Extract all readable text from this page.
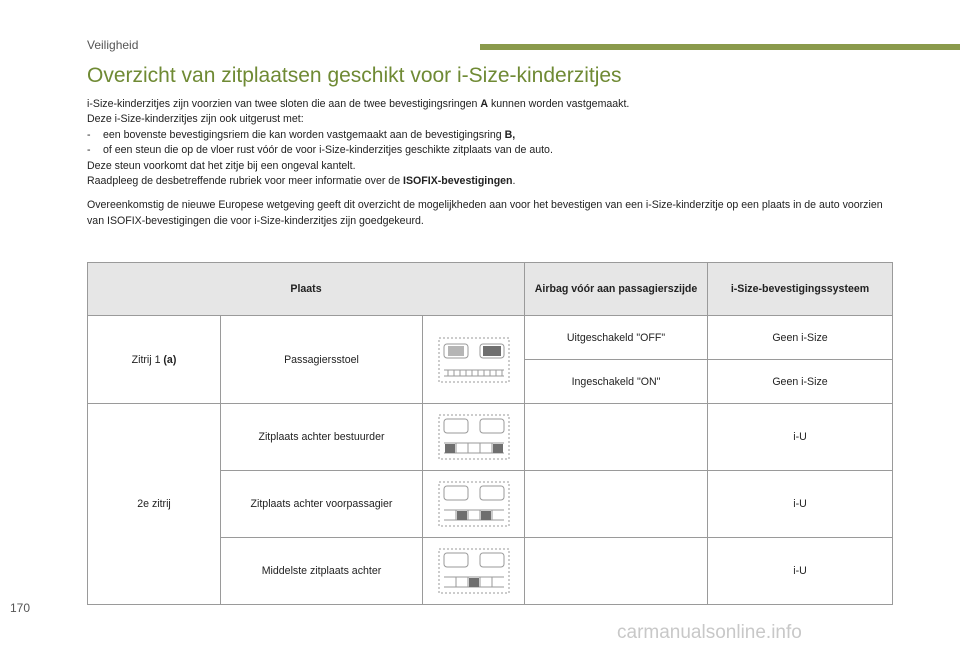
Veiligheid
Overzicht van zitplaatsen geschikt voor i-Size-kinderzitjes

i-Size-kinderzitjes zijn voorzien van twee sloten die aan de twee bevestigingsringen A kunnen worden vastgemaakt.

Deze i-Size-kinderzitjes zijn ook uitgerust met:

- een bovenste bevestigingsriem die kan worden vastgemaakt aan de bevestigingsring B,

- of een steun die op de vloer rust vóór de voor i-Size-kinderzitjes geschikte zitplaats van de auto.

Deze steun voorkomt dat het zitje bij een ongeval kantelt.

Raadpleeg de desbetreffende rubriek voor meer informatie over de ISOFIX-bevestigingen.

Overeenkomstig de nieuwe Europese wetgeving geeft dit overzicht de mogelijkheden aan voor het bevestigen van een i-Size-kinderzitje op een plaats in de auto voorzien van ISOFIX-bevestigingen die voor i-Size-kinderzitjes zijn goedgekeurd.

Plaats			Airbag vóór aan passagierszijde	i-Size-bevestigingssysteem
Zitrij 1 (a)	Passagiersstoel		Uitgeschakeld "OFF"	Geen i-Size
			Ingeschakeld "ON"	Geen i-Size
2e zitrij	Zitplaats achter bestuurder			i-U
	Zitplaats achter voorpassagier			i-U
	Middelste zitplaats achter			i-U
170
carmanualsonline.info
